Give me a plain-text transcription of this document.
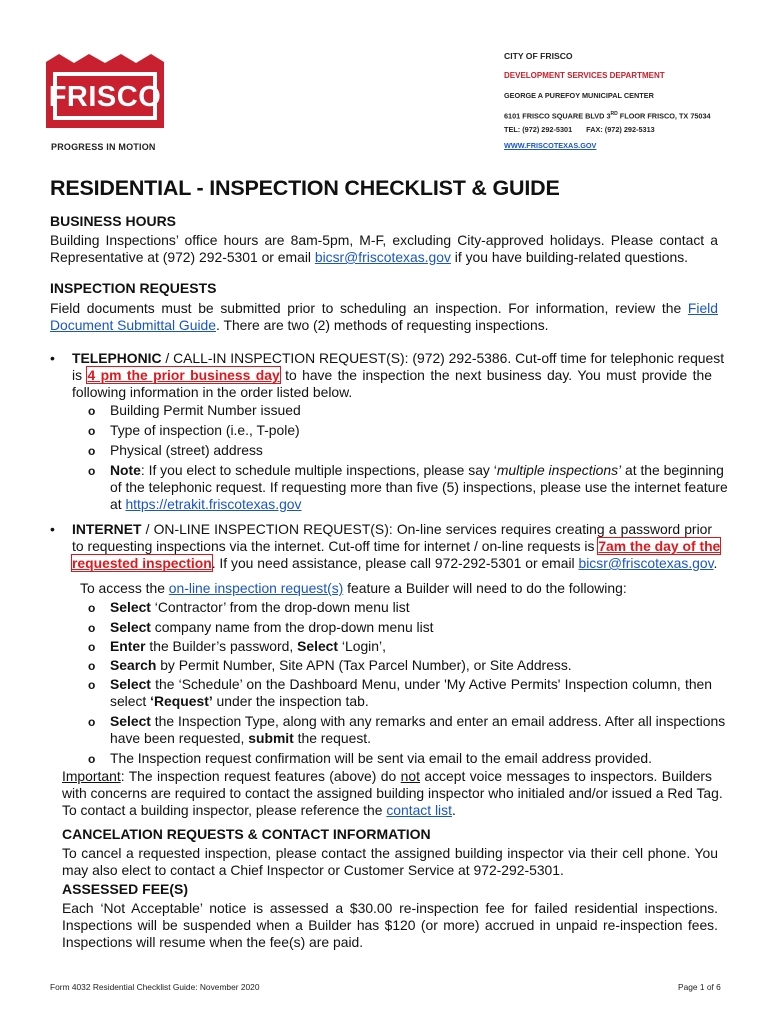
FRISCO
PROGRESS IN MOTION
CITY OF FRISCO
DEVELOPMENT SERVICES DEPARTMENT
GEORGE A PUREFOY MUNICIPAL CENTER
6101 FRISCO SQUARE BLVD 3RD FLOOR FRISCO, TX 75034
TEL: (972) 292-5301 FAX: (972) 292-5313
WWW.FRISCOTEXAS.GOV
RESIDENTIAL - INSPECTION CHECKLIST & GUIDE
BUSINESS HOURS
Building Inspections’ office hours are 8am-5pm, M-F, excluding City-approved holidays. Please contact a
Representative at (972) 292-5301 or email bicsr@friscotexas.gov if you have building-related questions.
INSPECTION REQUESTS
Field documents must be submitted prior to scheduling an inspection. For information, review the Field
Document Submittal Guide. There are two (2) methods of requesting inspections.
• TELEPHONIC / CALL-IN INSPECTION REQUEST(S): (972) 292-5386. Cut-off time for telephonic request
is 4 pm the prior business day to have the inspection the next business day. You must provide the
following information in the order listed below.
o Building Permit Number issued
o Type of inspection (i.e., T-pole)
o Physical (street) address
o Note: If you elect to schedule multiple inspections, please say ‘multiple inspections’ at the beginning
of the telephonic request. If requesting more than five (5) inspections, please use the internet feature
at https://etrakit.friscotexas.gov
• INTERNET / ON-LINE INSPECTION REQUEST(S): On-line services requires creating a password prior
to requesting inspections via the internet. Cut-off time for internet / on-line requests is 7am the day of the
requested inspection. If you need assistance, please call 972-292-5301 or email bicsr@friscotexas.gov.
To access the on-line inspection request(s) feature a Builder will need to do the following:
o Select ‘Contractor’ from the drop-down menu list
o Select company name from the drop-down menu list
o Enter the Builder’s password, Select ‘Login’,
o Search by Permit Number, Site APN (Tax Parcel Number), or Site Address.
o Select the ‘Schedule’ on the Dashboard Menu, under 'My Active Permits' Inspection column, then
select ‘Request’ under the inspection tab.
o Select the Inspection Type, along with any remarks and enter an email address. After all inspections
have been requested, submit the request.
o The Inspection request confirmation will be sent via email to the email address provided.
Important: The inspection request features (above) do not accept voice messages to inspectors. Builders
with concerns are required to contact the assigned building inspector who initialed and/or issued a Red Tag.
To contact a building inspector, please reference the contact list.
CANCELATION REQUESTS & CONTACT INFORMATION
To cancel a requested inspection, please contact the assigned building inspector via their cell phone. You
may also elect to contact a Chief Inspector or Customer Service at 972-292-5301.
ASSESSED FEE(S)
Each ‘Not Acceptable’ notice is assessed a $30.00 re-inspection fee for failed residential inspections.
Inspections will be suspended when a Builder has $120 (or more) accrued in unpaid re-inspection fees.
Inspections will resume when the fee(s) are paid.
Form 4032 Residential Checklist Guide: November 2020	Page 1 of 6
